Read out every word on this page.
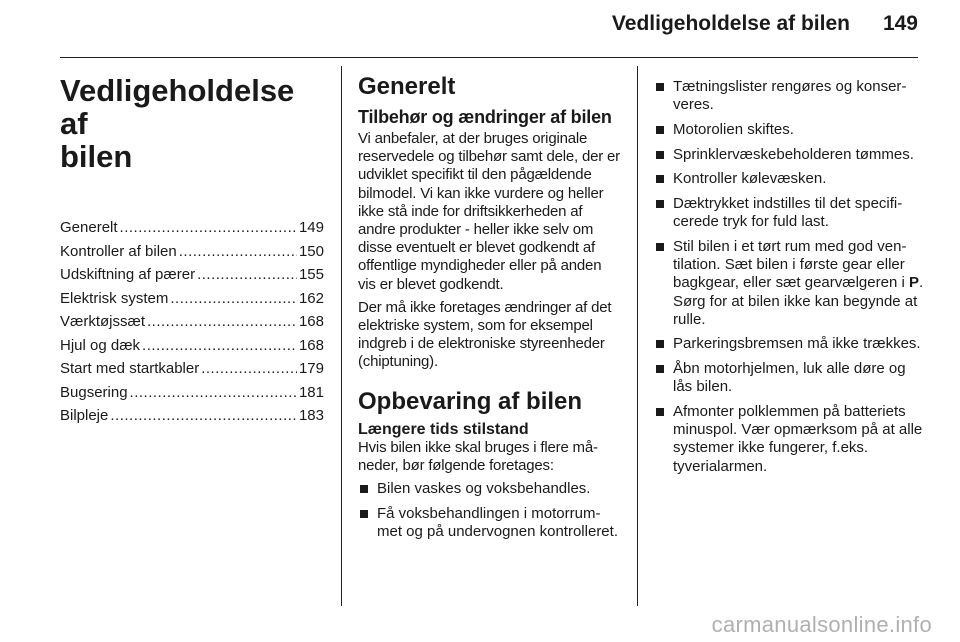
Vedligeholdelse af bilen 149
Vedligeholdelse af
bilen
Generelt .....	149
Kontroller af bilen .....	150
Udskiftning af pærer .....	155
Elektrisk system .....	162
Værktøjssæt .....	168
Hjul og dæk .....	168
Start med startkabler .....	179
Bugsering .....	181
Bilpleje .....	183
Generelt
Tilbehør og ændringer af bilen

Vi anbefaler, at der bruges originale reservedele og tilbehør samt dele, der er udviklet specifikt til den pågældende bilmodel. Vi kan ikke vurdere og heller ikke stå inde for driftsikkerheden af andre produkter - heller ikke selv om disse eventuelt er blevet godkendt af offentlige myndigheder eller på anden vis er blevet godkendt.

Der må ikke foretages ændringer af det elektriske system, som for eksempel indgreb i de elektroniske styreenheder (chiptuning).

Opbevaring af bilen
Længere tids stilstand

Hvis bilen ikke skal bruges i flere måneder, bør følgende foretages:

Bilen vaskes og voksbehandles.
Få voksbehandlingen i motorrummet og på undervognen kontrolleret.
Tætningslister rengøres og konserveres.
Motorolien skiftes.
Sprinklervæskebeholderen tømmes.
Kontroller kølevæsken.
Dæktrykket indstilles til det specificerede tryk for fuld last.
Stil bilen i et tørt rum med god ventilation. Sæt bilen i første gear eller bagkgear, eller sæt gearvælgeren i P. Sørg for at bilen ikke kan begynde at rulle.
Parkeringsbremsen må ikke trækkes.
Åbn motorhjelmen, luk alle døre og lås bilen.
Afmonter polklemmen på batteriets minuspol. Vær opmærksom på at alle systemer ikke fungerer, f.eks. tyverialarmen.
carmanualsonline.info
